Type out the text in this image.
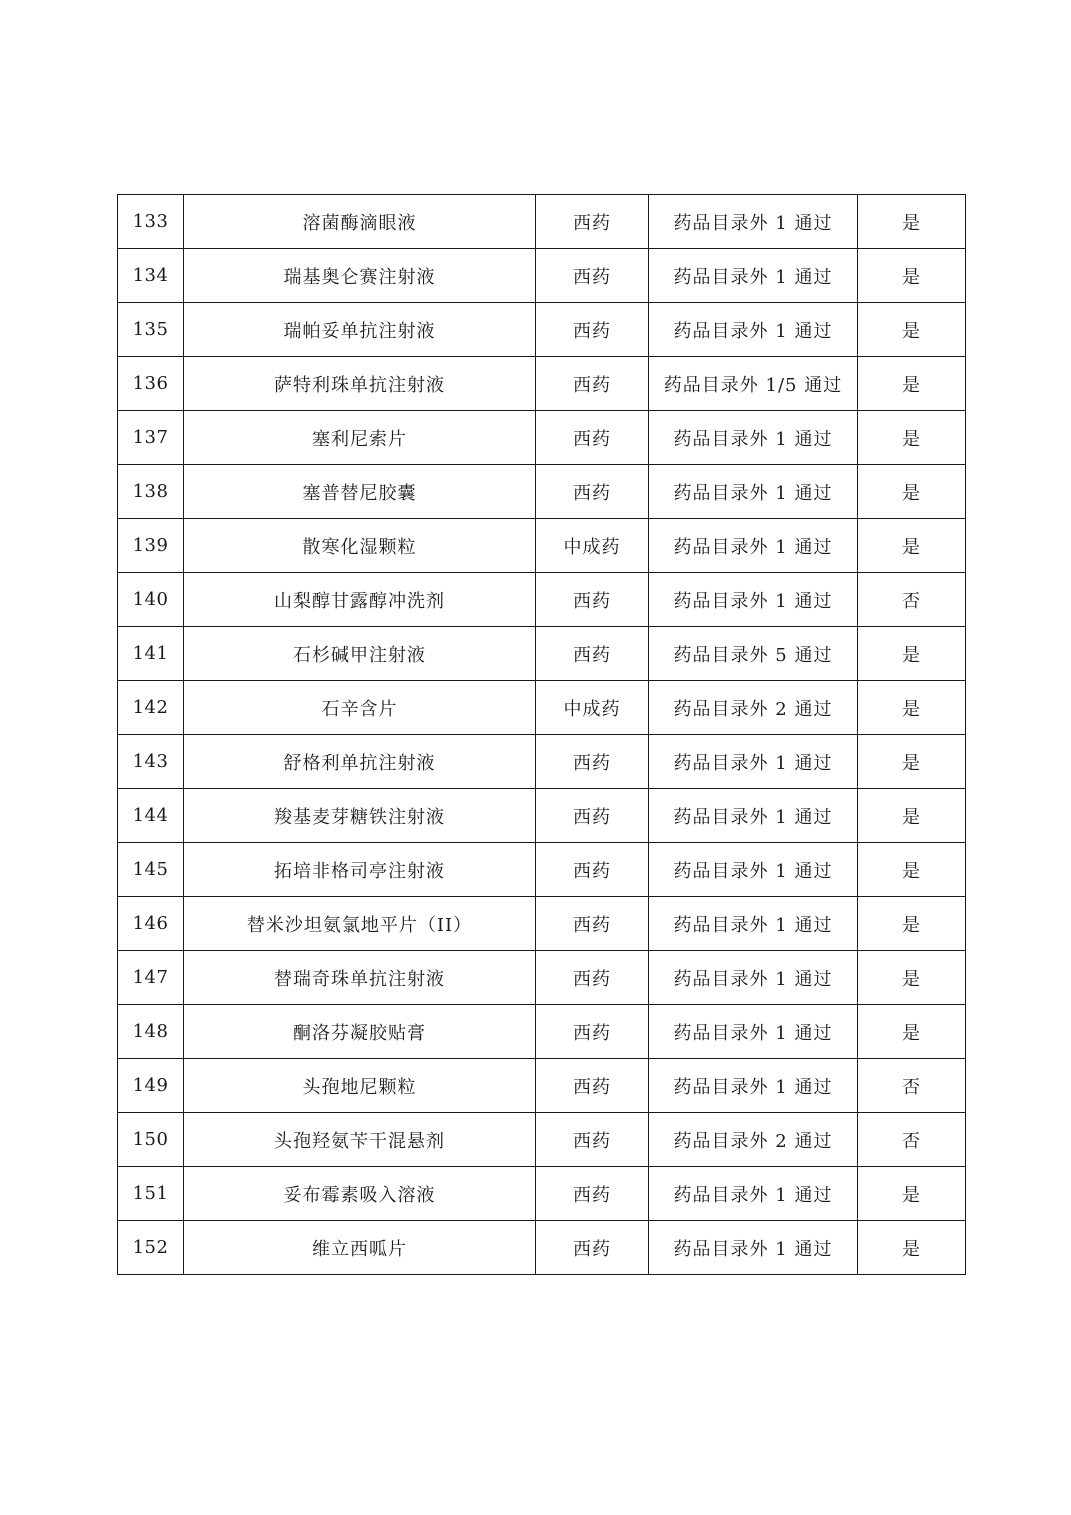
133	溶菌酶滴眼液	西药	药品目录外 1 通过	是
134	瑞基奥仑赛注射液	西药	药品目录外 1 通过	是
135	瑞帕妥单抗注射液	西药	药品目录外 1 通过	是
136	萨特利珠单抗注射液	西药	药品目录外 1/5 通过	是
137	塞利尼索片	西药	药品目录外 1 通过	是
138	塞普替尼胶囊	西药	药品目录外 1 通过	是
139	散寒化湿颗粒	中成药	药品目录外 1 通过	是
140	山梨醇甘露醇冲洗剂	西药	药品目录外 1 通过	否
141	石杉碱甲注射液	西药	药品目录外 5 通过	是
142	石辛含片	中成药	药品目录外 2 通过	是
143	舒格利单抗注射液	西药	药品目录外 1 通过	是
144	羧基麦芽糖铁注射液	西药	药品目录外 1 通过	是
145	拓培非格司亭注射液	西药	药品目录外 1 通过	是
146	替米沙坦氨氯地平片（II）	西药	药品目录外 1 通过	是
147	替瑞奇珠单抗注射液	西药	药品目录外 1 通过	是
148	酮洛芬凝胶贴膏	西药	药品目录外 1 通过	是
149	头孢地尼颗粒	西药	药品目录外 1 通过	否
150	头孢羟氨苄干混悬剂	西药	药品目录外 2 通过	否
151	妥布霉素吸入溶液	西药	药品目录外 1 通过	是
152	维立西呱片	西药	药品目录外 1 通过	是
